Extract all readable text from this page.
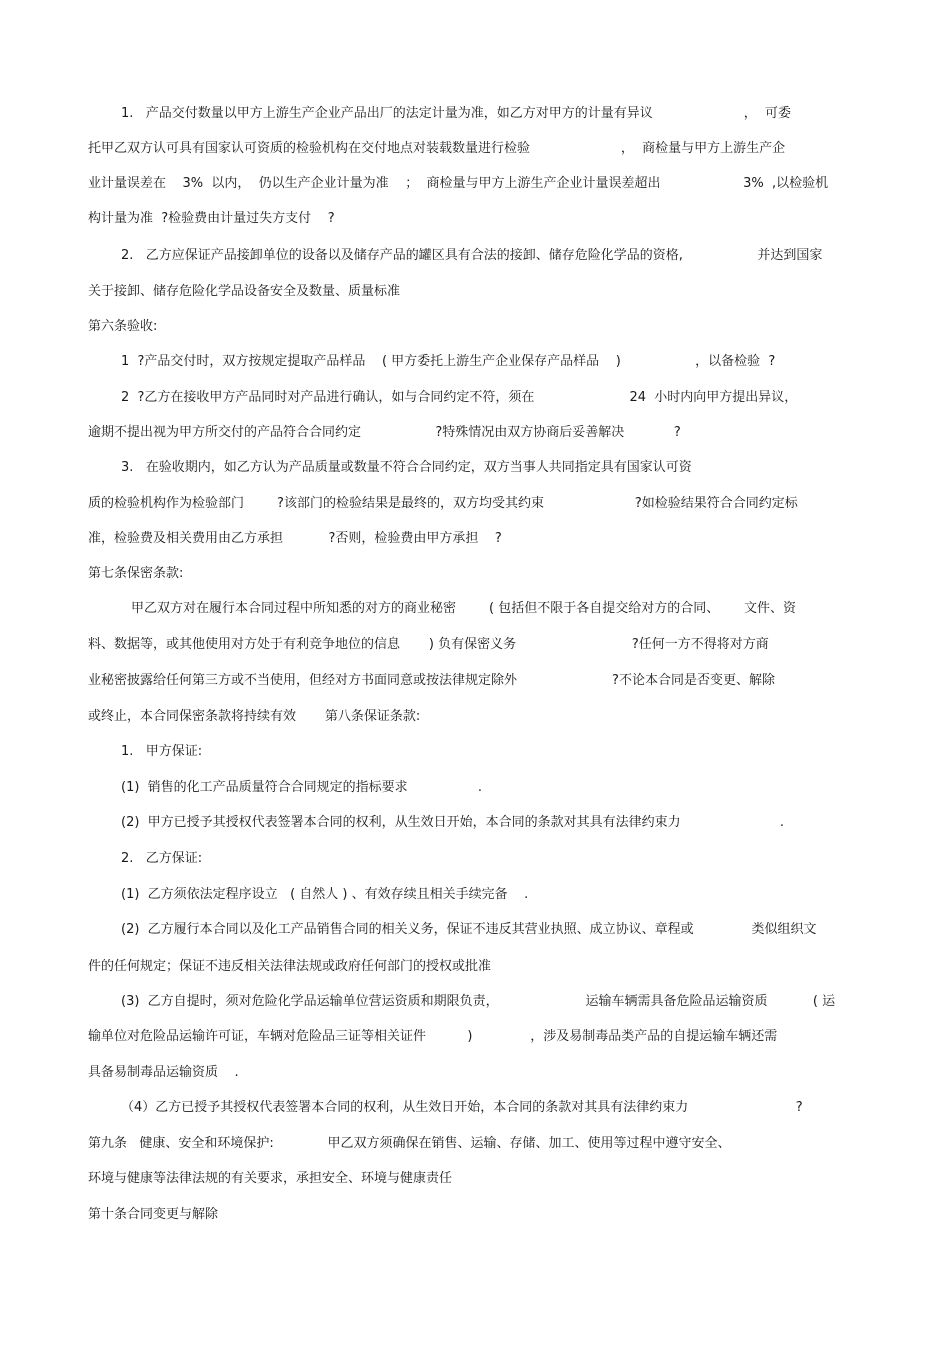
1.   产品交付数量以甲方上游生产企业产品出厂的法定计量为准，如乙方对甲方的计量有异议                      ，  可委
托甲乙双方认可具有国家认可资质的检验机构在交付地点对装载数量进行检验                      ，  商检量与甲方上游生产企
业计量误差在    3%  以内，  仍以生产企业计量为准    ；  商检量与甲方上游生产企业计量误差超出                    3%  ,以检验机
构计量为准  ?检验费由计量过失方支付    ?
2.   乙方应保证产品接卸单位的设备以及储存产品的罐区具有合法的接卸、储存危险化学品的资格,                  并达到国家
关于接卸、储存危险化学品设备安全及数量、质量标准
第六条验收:
1  ?产品交付时，双方按规定提取产品样品    ( 甲方委托上游生产企业保存产品样品    )                  ，以备检验  ?
2  ?乙方在接收甲方产品同时对产品进行确认，如与合同约定不符，须在                       24  小时内向甲方提出异议，
逾期不提出视为甲方所交付的产品符合合同约定                  ?特殊情况由双方协商后妥善解决            ?
3.   在验收期内，如乙方认为产品质量或数量不符合合同约定，双方当事人共同指定具有国家认可资
质的检验机构作为检验部门        ?该部门的检验结果是最终的，双方均受其约束                      ?如检验结果符合合同约定标
准，检验费及相关费用由乙方承担           ?否则，检验费由甲方承担    ?
第七条保密条款:
甲乙双方对在履行本合同过程中所知悉的对方的商业秘密        ( 包括但不限于各自提交给对方的合同、      文件、资
料、数据等，或其他使用对方处于有利竞争地位的信息       ) 负有保密义务                            ?任何一方不得将对方商
业秘密披露给任何第三方或不当使用，但经对方书面同意或按法律规定除外                       ?不论本合同是否变更、解除
或终止，本合同保密条款将持续有效       第八条保证条款:
1.   甲方保证:
(1)  销售的化工产品质量符合合同规定的指标要求                 .
(2)  甲方已授予其授权代表签署本合同的权利，从生效日开始，本合同的条款对其具有法律约束力                        .
2.   乙方保证:
(1)  乙方须依法定程序设立   ( 自然人 ) 、有效存续且相关手续完备    .
(2)  乙方履行本合同以及化工产品销售合同的相关义务，保证不违反其营业执照、成立协议、章程或              类似组织文
件的任何规定；保证不违反相关法律法规或政府任何部门的授权或批准
(3)  乙方自提时，须对危险化学品运输单位营运资质和期限负责，                     运输车辆需具备危险品运输资质           ( 运
输单位对危险品运输许可证，车辆对危险品三证等相关证件          )              ，涉及易制毒品类产品的自提运输车辆还需
具备易制毒品运输资质    .
（4）乙方已授予其授权代表签署本合同的权利，从生效日开始，本合同的条款对其具有法律约束力                          ?
第九条   健康、安全和环境保护:             甲乙双方须确保在销售、运输、存储、加工、使用等过程中遵守安全、
环境与健康等法律法规的有关要求，承担安全、环境与健康责任
第十条合同变更与解除
